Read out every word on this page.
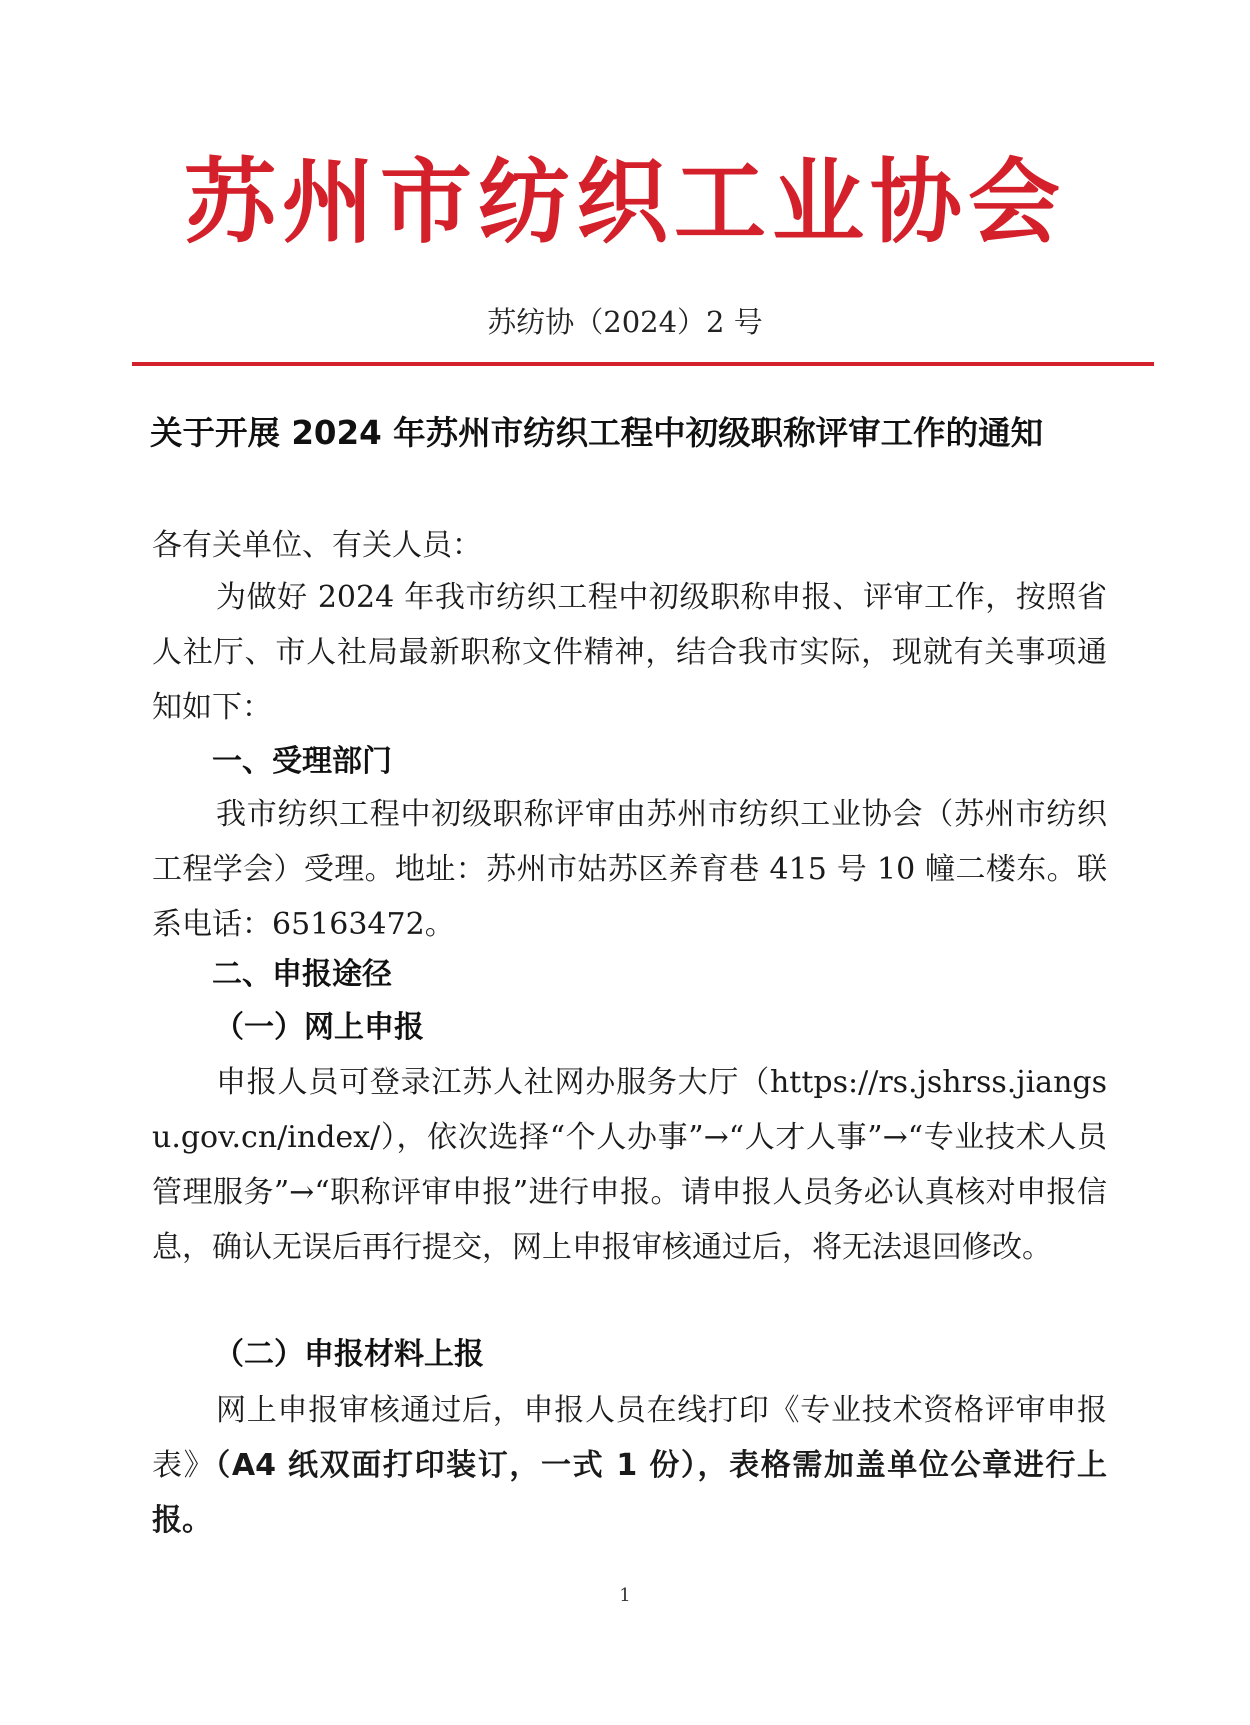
苏州市纺织工业协会
苏纺协（2024）2 号
关于开展 2024 年苏州市纺织工程中初级职称评审工作的通知
各有关单位、有关人员：
为做好 2024 年我市纺织工程中初级职称申报、评审工作，按照省人社厅、市人社局最新职称文件精神，结合我市实际，现就有关事项通知如下：
一、受理部门
我市纺织工程中初级职称评审由苏州市纺织工业协会（苏州市纺织工程学会）受理。地址：苏州市姑苏区养育巷 415 号 10 幢二楼东。联系电话：65163472。
二、申报途径
（一）网上申报
申报人员可登录江苏人社网办服务大厅（https://rs.jshrss.jiangsu.gov.cn/index/），依次选择“个人办事”→“人才人事”→“专业技术人员管理服务”→“职称评审申报”进行申报。请申报人员务必认真核对申报信息，确认无误后再行提交，网上申报审核通过后，将无法退回修改。
（二）申报材料上报
网上申报审核通过后，申报人员在线打印《专业技术资格评审申报表》（A4 纸双面打印装订，一式 1 份），表格需加盖单位公章进行上报。
1
